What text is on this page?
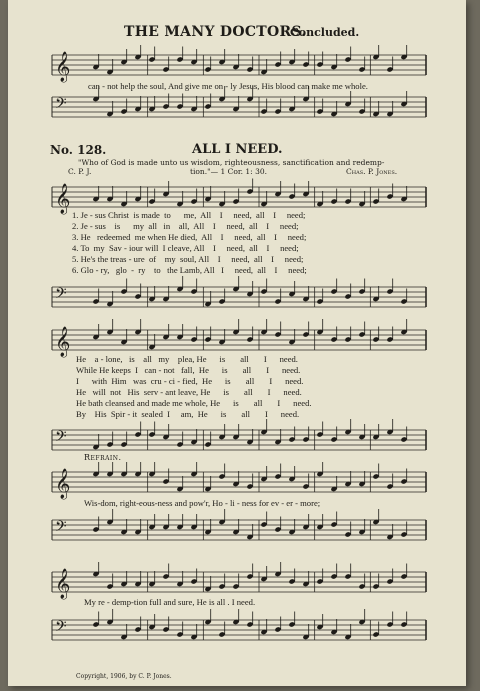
THE MANY DOCTORS.
Concluded.
𝄞
𝄢
can - not help the soul, And give me on - ly Jesus, His blood can make me whole.
No. 128.	ALL I NEED.
"Who of God is made unto us wisdom, righteousness, sanctification and redemp-
tion."— 1 Cor. 1: 30.
C. P. J.	Chas. P. Jones.
𝄞
𝄢
1. Je - sus Christ  is made  to      me,  All    I     need,  all    I     need;
2. Je - sus    is      my  all   in    all,  All    I     need,  all    I     need;
3. He   redeemed  me when He died,  All    I     need,  all    I     need;
4. To  my  Sav - iour will  I cleave, All    I     need,  all    I     need;
5. He's the treas - ure  of    my  soul, All    I     need,  all    I     need;
6. Glo - ry,   glo  -  ry    to   the Lamb, All   I     need,  all    I     need;
𝄞
𝄢
He    a - lone,   is    all   my    plea, He      is       all       I      need.
While He keeps  I   can - not   fall,  He      is       all       I      need.
I      with  Him   was  cru - ci - fied,  He      is       all       I      need.
He   will  not   His  serv - ant leave, He      is       all       I      need.
He bath cleansed and made me whole, He      is       all       I      need.
By    His  Spir - it  sealed  I     am,  He      is       all       I      need.
Refrain.
𝄞
𝄢
Wis-dom, right-eous-ness and pow'r, Ho - li - ness for ev - er - more;
𝄞
𝄢
My re - demp-tion full and sure, He is all . I need.
Copyright, 1906, by C. P. Jones.
